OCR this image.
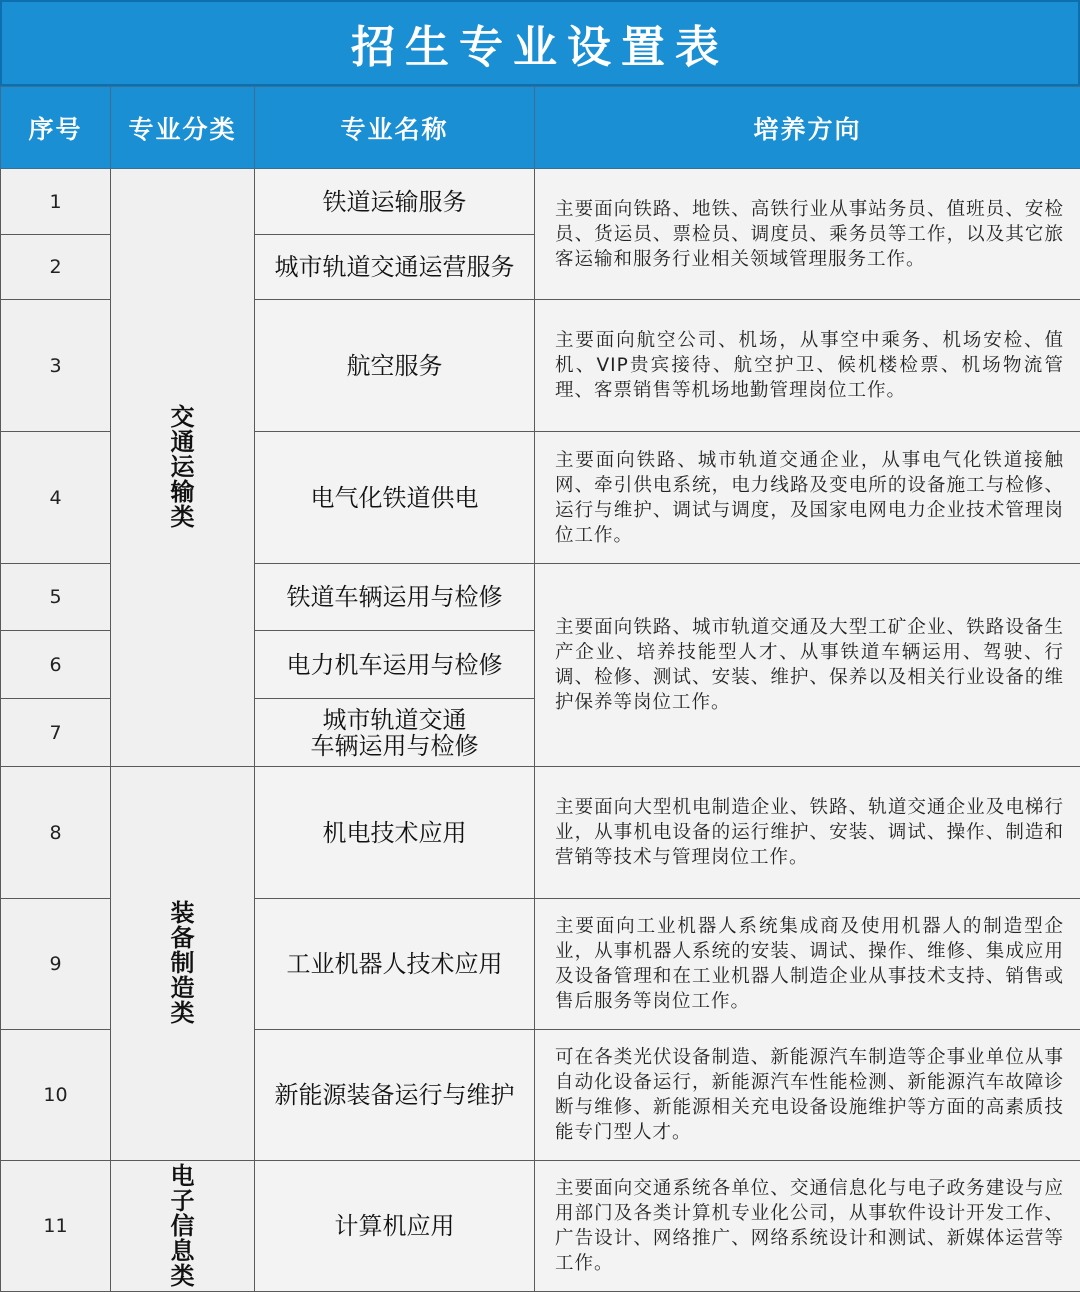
招生专业设置表
序号	专业分类	专业名称	培养方向
1	交通运输类	铁道运输服务	主要面向铁路、地铁、高铁行业从事站务员、值班员、安检员、货运员、票检员、调度员、乘务员等工作，以及其它旅客运输和服务行业相关领域管理服务工作。
2		城市轨道交通运营服务	
3		航空服务	主要面向航空公司、机场，从事空中乘务、机场安检、值机、VIP贵宾接待、航空护卫、候机楼检票、机场物流管理、客票销售等机场地勤管理岗位工作。
4		电气化铁道供电	主要面向铁路、城市轨道交通企业，从事电气化铁道接触网、牵引供电系统，电力线路及变电所的设备施工与检修、运行与维护、调试与调度，及国家电网电力企业技术管理岗位工作。
5		铁道车辆运用与检修	主要面向铁路、城市轨道交通及大型工矿企业、铁路设备生产企业、培养技能型人才、从事铁道车辆运用、驾驶、行调、检修、测试、安装、维护、保养以及相关行业设备的维护保养等岗位工作。
6		电力机车运用与检修	
7		城市轨道交通
车辆运用与检修	

8	装备制造类	机电技术应用	主要面向大型机电制造企业、铁路、轨道交通企业及电梯行业，从事机电设备的运行维护、安装、调试、操作、制造和营销等技术与管理岗位工作。
9		工业机器人技术应用	主要面向工业机器人系统集成商及使用机器人的制造型企业，从事机器人系统的安装、调试、操作、维修、集成应用及设备管理和在工业机器人制造企业从事技术支持、销售或售后服务等岗位工作。
10		新能源装备运行与维护	可在各类光伏设备制造、新能源汽车制造等企事业单位从事自动化设备运行，新能源汽车性能检测、新能源汽车故障诊断与维修、新能源相关充电设备设施维护等方面的高素质技能专门型人才。
11	电子信息类	计算机应用	主要面向交通系统各单位、交通信息化与电子政务建设与应用部门及各类计算机专业化公司，从事软件设计开发工作、广告设计、网络推广、网络系统设计和测试、新媒体运营等工作。
